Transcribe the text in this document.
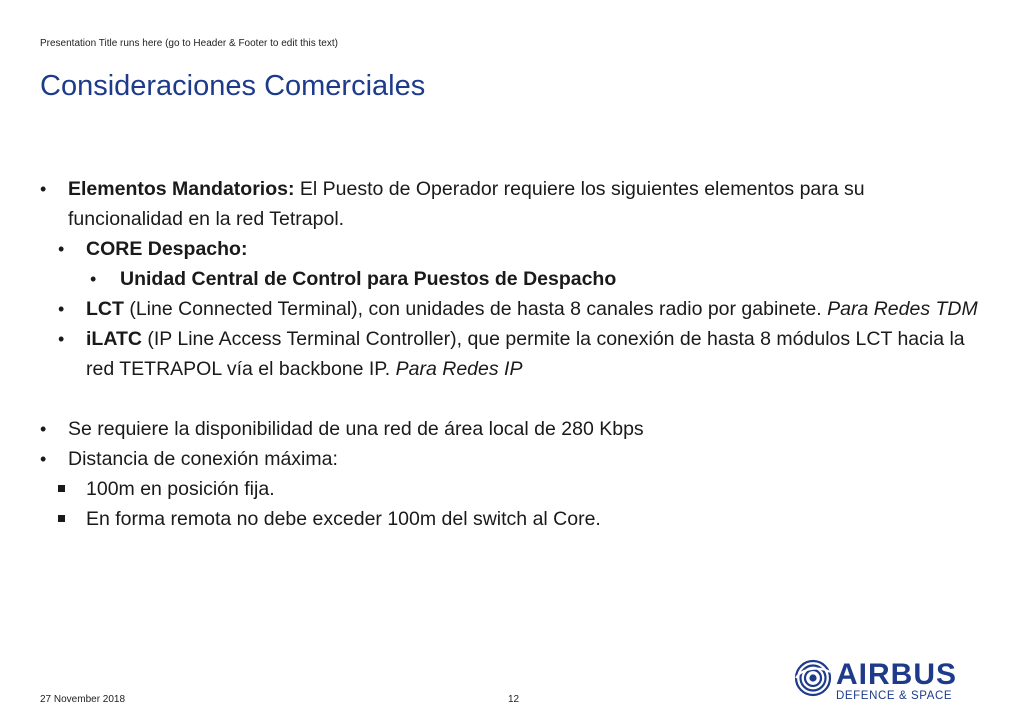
Presentation Title runs here (go to Header & Footer to edit this text)
Consideraciones Comerciales
• Elementos Mandatorios: El Puesto de Operador requiere los siguientes elementos para su funcionalidad en la red Tetrapol.
• CORE Despacho:
• Unidad Central de Control para Puestos de Despacho
• LCT (Line Connected Terminal), con unidades de hasta 8 canales radio por gabinete. Para Redes TDM
• iLATC (IP Line Access Terminal Controller), que permite la conexión de hasta 8 módulos LCT hacia la red TETRAPOL vía el backbone IP. Para Redes IP
• Se requiere la disponibilidad de una red de área local de 280 Kbps
• Distancia de conexión máxima:
100m en posición fija.
En forma remota no debe exceder 100m del switch al Core.
27 November 2018	12
AIRBUS
DEFENCE & SPACE
